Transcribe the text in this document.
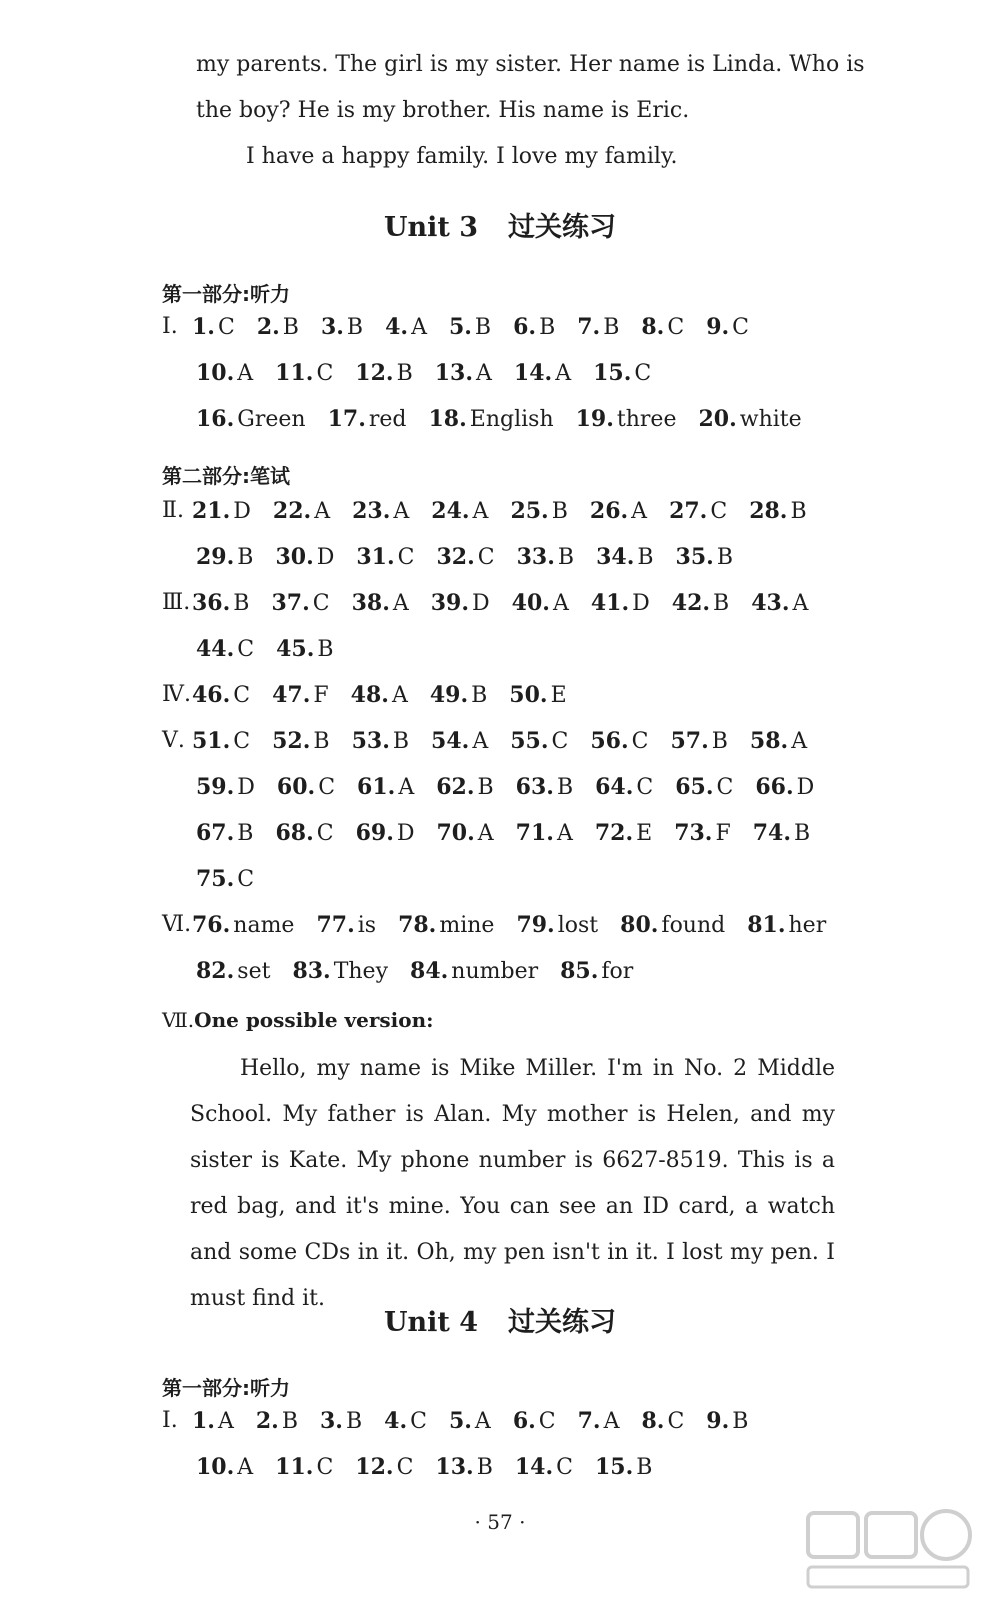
my parents. The girl is my sister. Her name is Linda. Who is

the boy? He is my brother. His name is Eric.

I have a happy family. I love my family.

Unit 3 过关练习
第一部分:听力
Ⅰ. 1. C 2. B 3. B 4. A 5. B 6. B 7. B 8. C 9. C
10. A 11. C 12. B 13. A 14. A 15. C
16. Green 17. red 18. English 19. three 20. white
第二部分:笔试
Ⅱ. 21. D 22. A 23. A 24. A 25. B 26. A 27. C 28. B
29. B 30. D 31. C 32. C 33. B 34. B 35. B
Ⅲ. 36. B 37. C 38. A 39. D 40. A 41. D 42. B 43. A
44. C 45. B
Ⅳ. 46. C 47. F 48. A 49. B 50. E
Ⅴ. 51. C 52. B 53. B 54. A 55. C 56. C 57. B 58. A
59. D 60. C 61. A 62. B 63. B 64. C 65. C 66. D
67. B 68. C 69. D 70. A 71. A 72. E 73. F 74. B
75. C
Ⅵ. 76. name 77. is 78. mine 79. lost 80. found 81. her
82. set 83. They 84. number 85. for
Ⅶ.One possible version:

Hello, my name is Mike Miller. I'm in No. 2 Middle School. My father is Alan. My mother is Helen, and my sister is Kate. My phone number is 6627-8519. This is a red bag, and it's mine. You can see an ID card, a watch and some CDs in it. Oh, my pen isn't in it. I lost my pen. I must find it.

Unit 4 过关练习
第一部分:听力
Ⅰ. 1. A 2. B 3. B 4. C 5. A 6. C 7. A 8. C 9. B
10. A 11. C 12. C 13. B 14. C 15. B
· 57 ·
